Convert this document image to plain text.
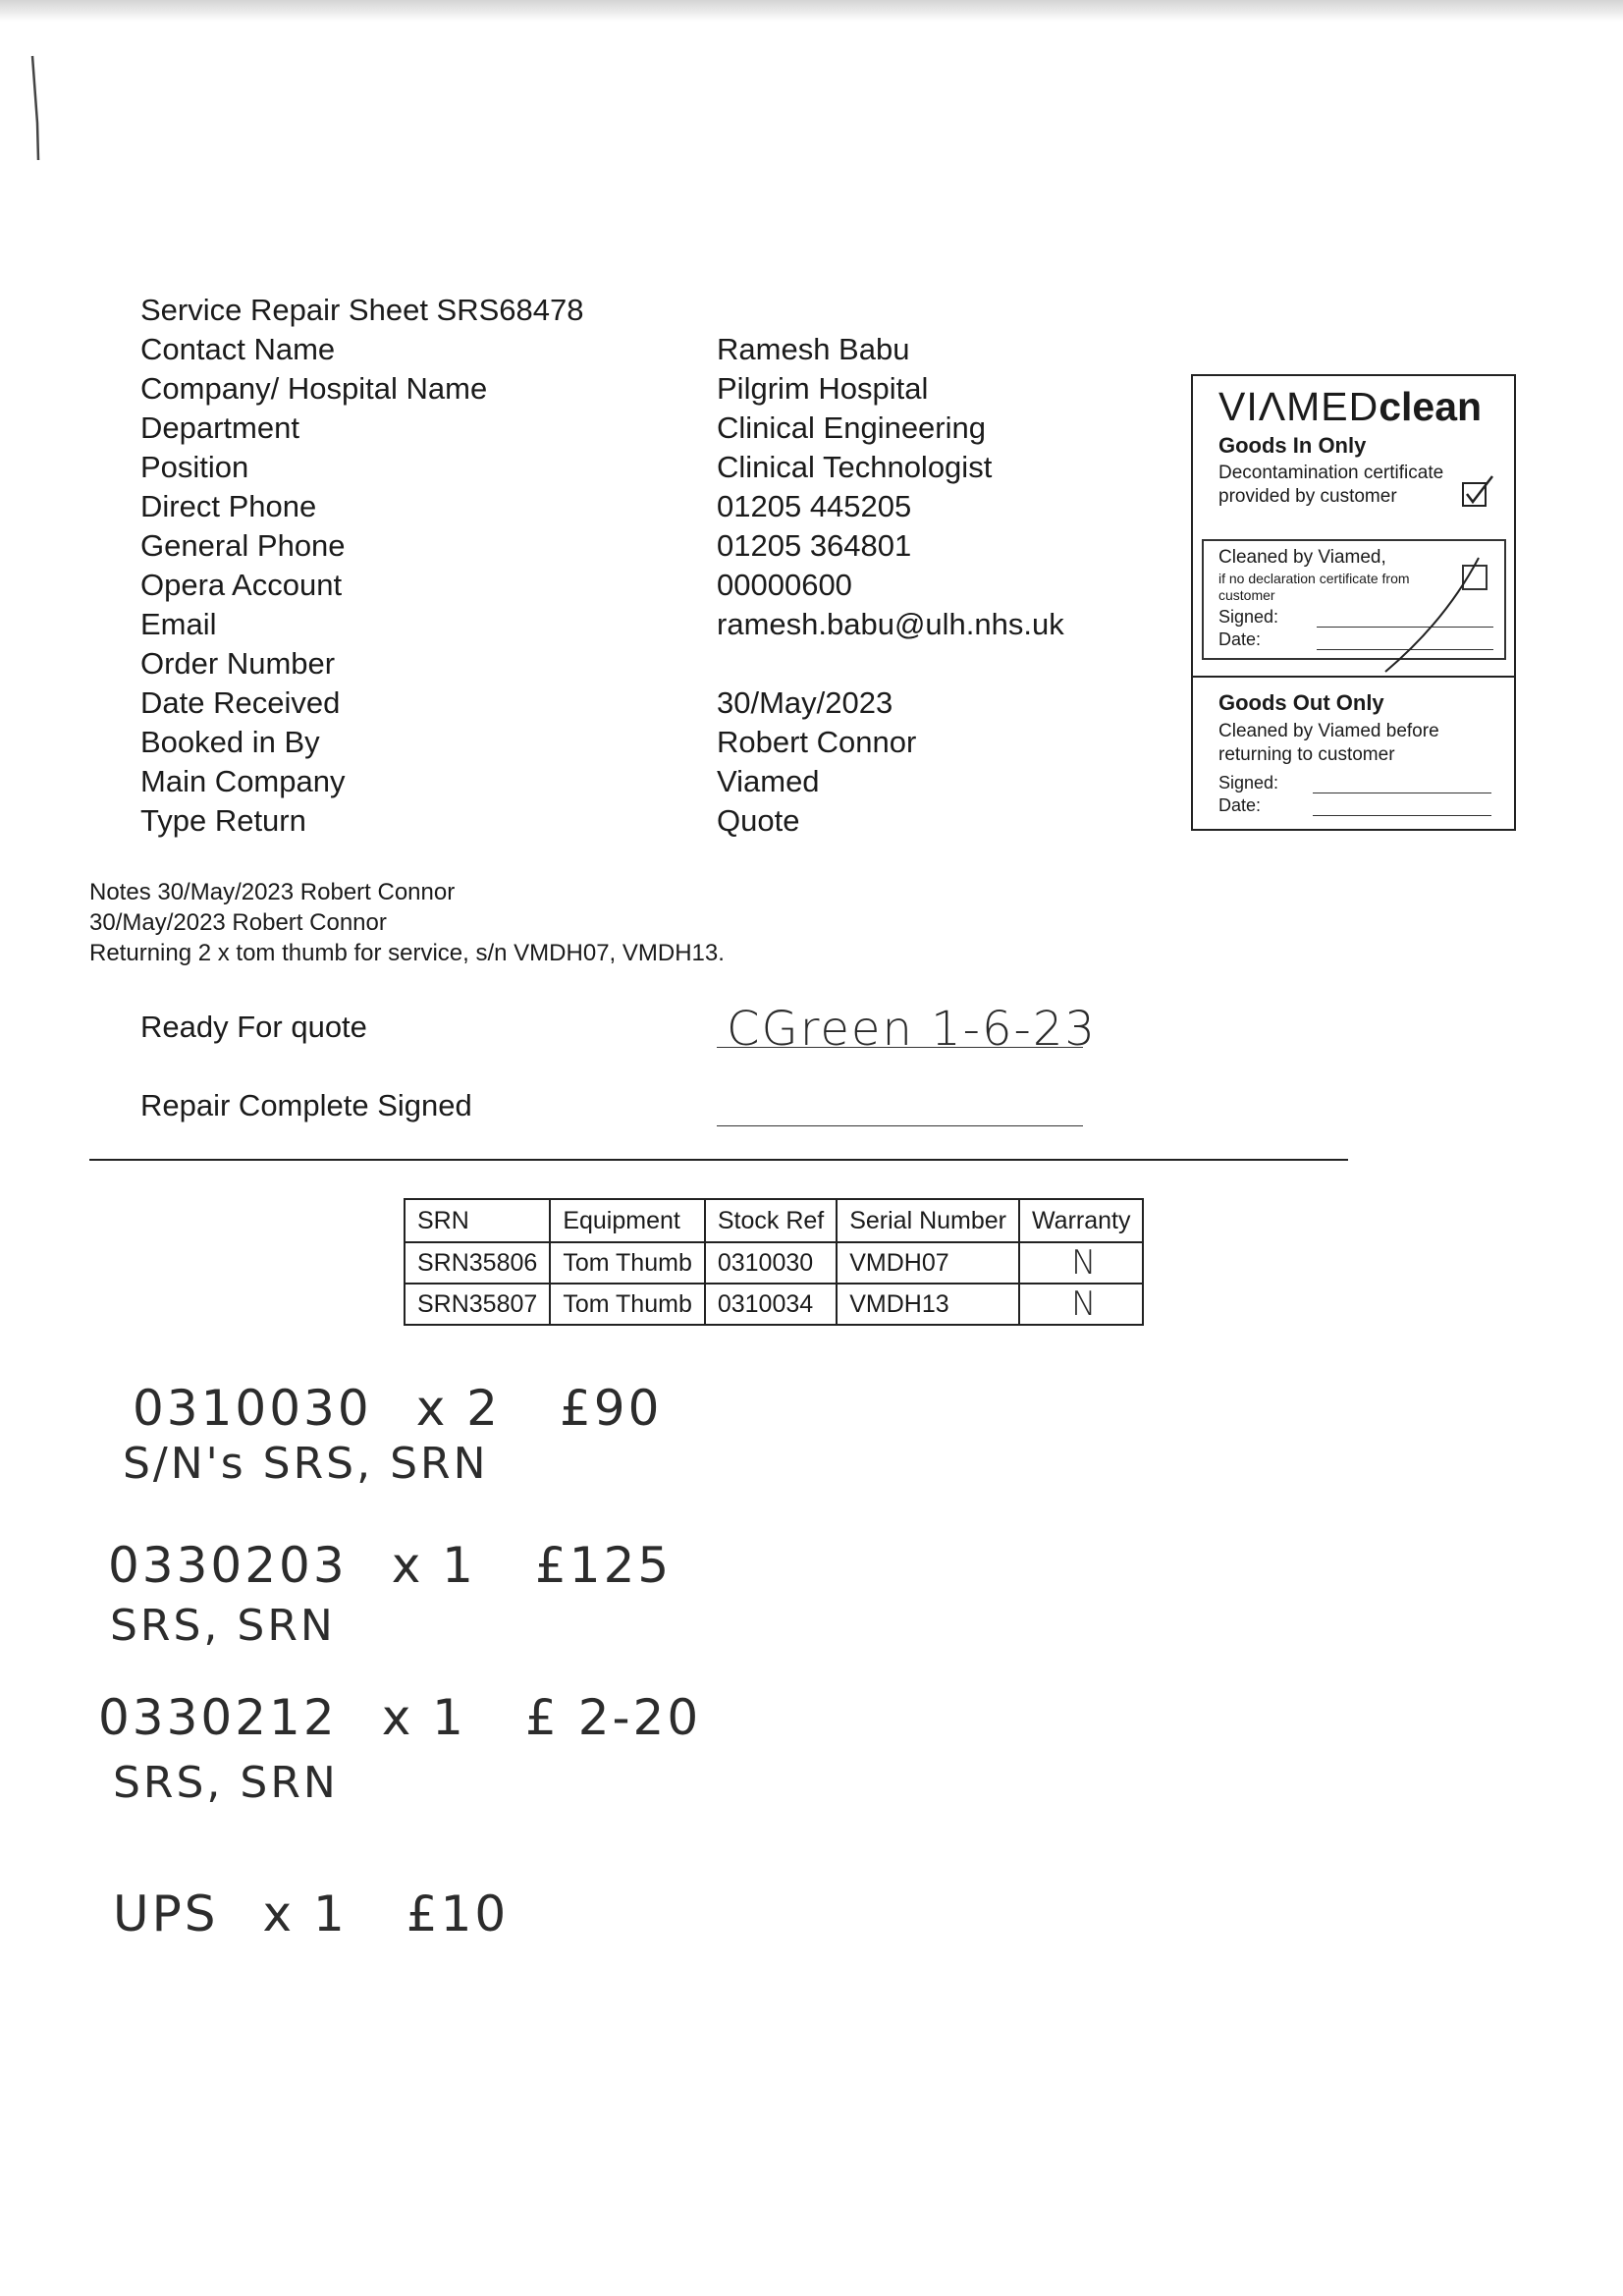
Service Repair Sheet SRS68478
Contact Name	Ramesh Babu
Company/ Hospital Name	Pilgrim Hospital
Department	Clinical Engineering
Position	Clinical Technologist
Direct Phone	01205 445205
General Phone	01205 364801
Opera Account	00000600
Email	ramesh.babu@ulh.nhs.uk
Order Number
Date Received	30/May/2023
Booked in By	Robert Connor
Main Company	Viamed
Type Return	Quote
VIΛMΕDclean
Goods In Only
Decontamination certificate provided by customer
Cleaned by Viamed,
if no declaration certificate from customer
Signed:
Date:
Goods Out Only
Cleaned by Viamed before returning to customer
Signed:
Date:
Notes 30/May/2023 Robert Connor
30/May/2023 Robert Connor
Returning 2 x tom thumb for service, s/n VMDH07, VMDH13.
Ready For quote	CGreen 1-6-23
Repair Complete Signed
SRN	Equipment	Stock Ref	Serial Number	Warranty
SRN35806	Tom Thumb	0310030	VMDH07	N
SRN35807	Tom Thumb	0310034	VMDH13	N
0310030 x 2 £90
S/N's SRS, SRN
0330203 x 1 £125
SRS, SRN
0330212 x 1 £ 2-20
SRS, SRN
UPS x 1 £10
